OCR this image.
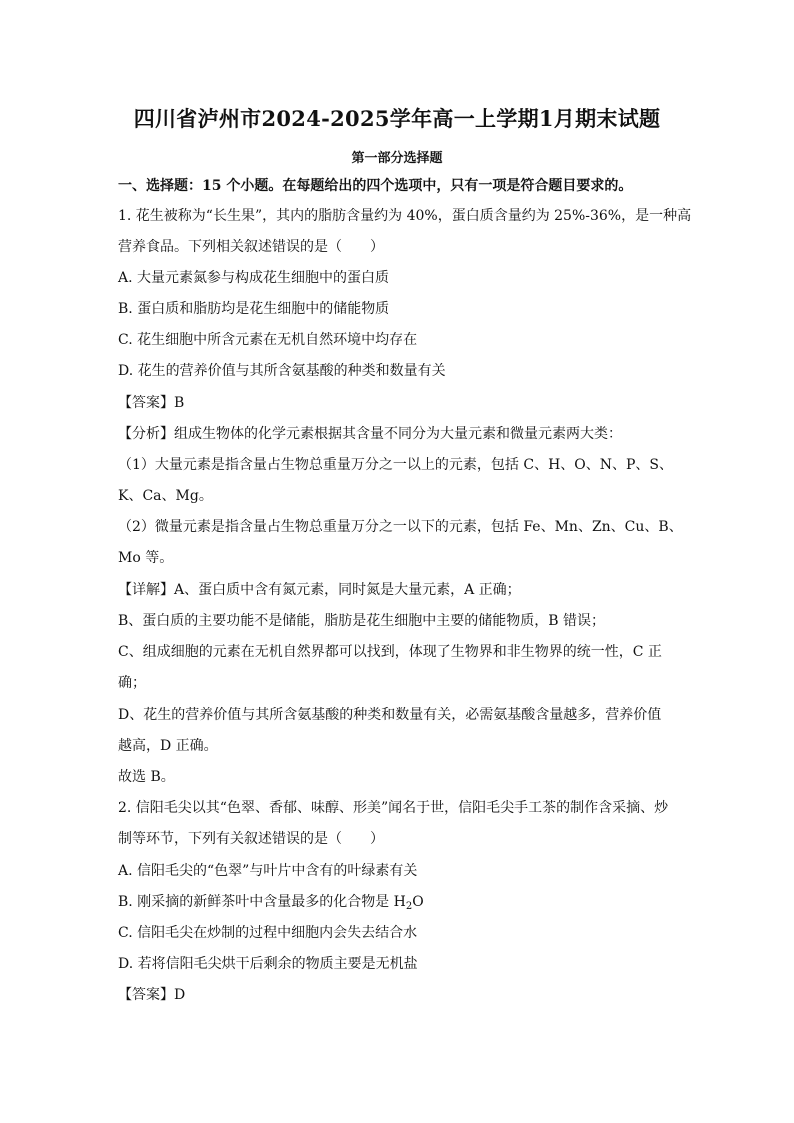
四川省泸州市2024-2025学年高一上学期1月期末试题
第一部分选择题
一、选择题：15 个小题。在每题给出的四个选项中，只有一项是符合题目要求的。
1. 花生被称为“长生果”，其内的脂肪含量约为 40%，蛋白质含量约为 25%-36%，是一种高
营养食品。下列相关叙述错误的是（　　）
A. 大量元素氮参与构成花生细胞中的蛋白质
B. 蛋白质和脂肪均是花生细胞中的储能物质
C. 花生细胞中所含元素在无机自然环境中均存在
D. 花生的营养价值与其所含氨基酸的种类和数量有关
【答案】B
【分析】组成生物体的化学元素根据其含量不同分为大量元素和微量元素两大类：
（1）大量元素是指含量占生物总重量万分之一以上的元素，包括 C、H、O、N、P、S、
K、Ca、Mg。
（2）微量元素是指含量占生物总重量万分之一以下的元素，包括 Fe、Mn、Zn、Cu、B、
Mo 等。
【详解】A、蛋白质中含有氮元素，同时氮是大量元素，A 正确；
B、蛋白质的主要功能不是储能，脂肪是花生细胞中主要的储能物质，B 错误；
C、组成细胞的元素在无机自然界都可以找到，体现了生物界和非生物界的统一性，C 正
确；
D、花生的营养价值与其所含氨基酸的种类和数量有关，必需氨基酸含量越多，营养价值
越高，D 正确。
故选 B。
2. 信阳毛尖以其“色翠、香郁、味醇、形美”闻名于世，信阳毛尖手工茶的制作含采摘、炒
制等环节，下列有关叙述错误的是（　　）
A. 信阳毛尖的“色翠”与叶片中含有的叶绿素有关
B. 刚采摘的新鲜茶叶中含量最多的化合物是 $H_2O$
C. 信阳毛尖在炒制的过程中细胞内会失去结合水
D. 若将信阳毛尖烘干后剩余的物质主要是无机盐
【答案】D
